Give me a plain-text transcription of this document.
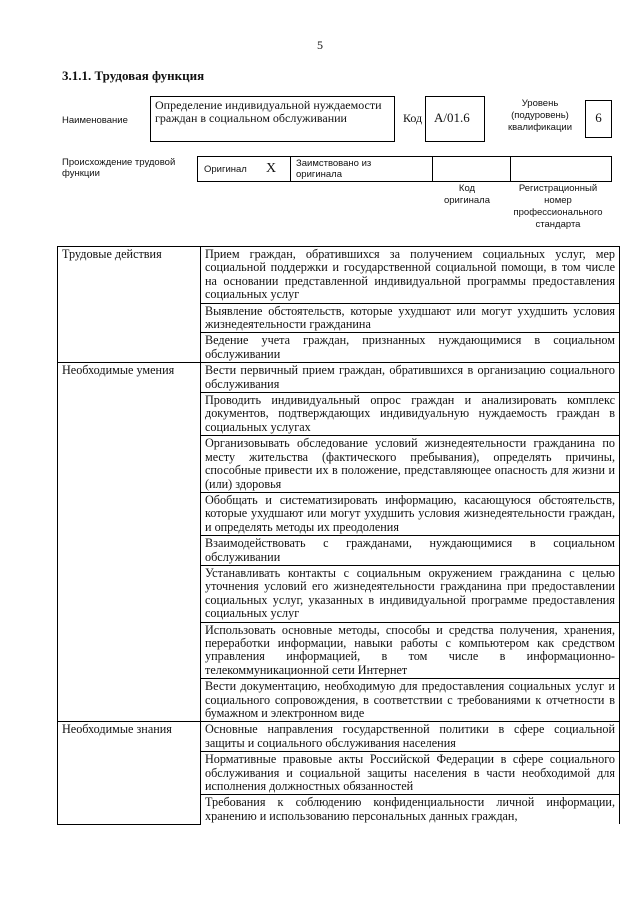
5
3.1.1. Трудовая функция
Наименование
Определение индивидуальной нуждаемости граждан в социальном обслуживании	Код A/01.6
Уровень (подуровень) квалификации
6
Происхождение трудовой функции	Оригинал X Заимствовано из оригинала
Код оригинала
Регистрационный номер профессионального стандарта
Трудовые действия	Прием граждан, обратившихся за получением социальных услуг, мер социальной поддержки и государственной социальной помощи, в том числе на основании представленной индивидуальной программы предоставления социальных услуг
	Выявление обстоятельств, которые ухудшают или могут ухудшить условия жизнедеятельности гражданина
	Ведение учета граждан, признанных нуждающимися в социальном обслуживании
Необходимые умения	Вести первичный прием граждан, обратившихся в организацию социального обслуживания
	Проводить индивидуальный опрос граждан и анализировать комплекс документов, подтверждающих индивидуальную нуждаемость граждан в социальных услугах
	Организовывать обследование условий жизнедеятельности гражданина по месту жительства (фактического пребывания), определять причины, способные привести их в положение, представляющее опасность для жизни и (или) здоровья
	Обобщать и систематизировать информацию, касающуюся обстоятельств, которые ухудшают или могут ухудшить условия жизнедеятельности граждан, и определять методы их преодоления
	Взаимодействовать с гражданами, нуждающимися в социальном обслуживании
	Устанавливать контакты с социальным окружением гражданина с целью уточнения условий его жизнедеятельности гражданина при предоставлении социальных услуг, указанных в индивидуальной программе предоставления социальных услуг
	Использовать основные методы, способы и средства получения, хранения, переработки информации, навыки работы с компьютером как средством управления информацией, в том числе в информационно-телекоммуникационной сети Интернет
	Вести документацию, необходимую для предоставления социальных услуг и социального сопровождения, в соответствии с требованиями к отчетности в бумажном и электронном виде
Необходимые знания	Основные направления государственной политики в сфере социальной защиты и социального обслуживания населения
	Нормативные правовые акты Российской Федерации в сфере социального обслуживания и социальной защиты населения в части необходимой для исполнения должностных обязанностей
	Требования к соблюдению конфиденциальности личной информации, хранению и использованию персональных данных граждан,
